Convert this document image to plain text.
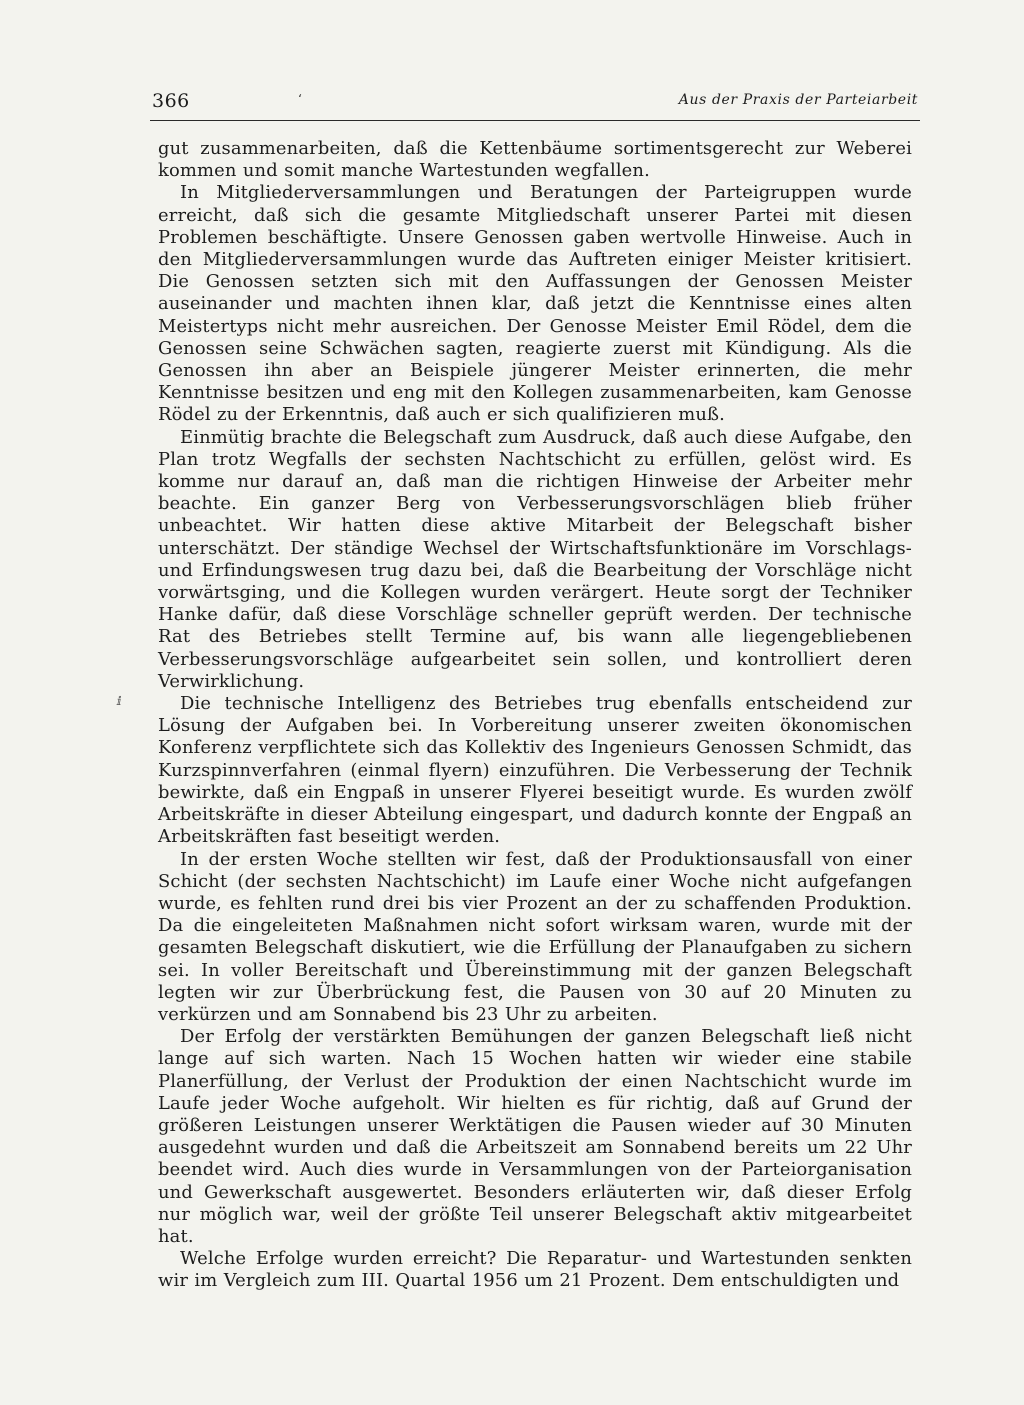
366	‘	Aus der Praxis der Parteiarbeit
ⅈ

gut zusammenarbeiten, daß die Kettenbäume sortimentsgerecht zur Weberei kommen und somit manche Wartestunden wegfallen.

In Mitgliederversammlungen und Beratungen der Parteigruppen wurde erreicht, daß sich die gesamte Mitgliedschaft unserer Partei mit diesen Problemen beschäftigte. Unsere Genossen gaben wertvolle Hinweise. Auch in den Mitgliederversammlungen wurde das Auftreten einiger Meister kritisiert. Die Genossen setzten sich mit den Auffassungen der Genossen Meister auseinander und machten ihnen klar, daß jetzt die Kenntnisse eines alten Meistertyps nicht mehr ausreichen. Der Genosse Meister Emil Rödel, dem die Genossen seine Schwächen sagten, reagierte zuerst mit Kündigung. Als die Genossen ihn aber an Beispiele jüngerer Meister erinnerten, die mehr Kenntnisse besitzen und eng mit den Kollegen zusammenarbeiten, kam Genosse Rödel zu der Erkenntnis, daß auch er sich qualifizieren muß.

Einmütig brachte die Belegschaft zum Ausdruck, daß auch diese Aufgabe, den Plan trotz Wegfalls der sechsten Nachtschicht zu erfüllen, gelöst wird. Es komme nur darauf an, daß man die richtigen Hinweise der Arbeiter mehr beachte. Ein ganzer Berg von Verbesserungsvorschlägen blieb früher unbeachtet. Wir hatten diese aktive Mitarbeit der Belegschaft bisher unterschätzt. Der ständige Wechsel der Wirtschaftsfunktionäre im Vorschlags- und Erfindungswesen trug dazu bei, daß die Bearbeitung der Vorschläge nicht vorwärtsging, und die Kollegen wurden verärgert. Heute sorgt der Techniker Hanke dafür, daß diese Vorschläge schneller geprüft werden. Der technische Rat des Betriebes stellt Termine auf, bis wann alle liegengebliebenen Verbesserungsvorschläge aufgearbeitet sein sollen, und kontrolliert deren Verwirklichung.

Die technische Intelligenz des Betriebes trug ebenfalls entscheidend zur Lösung der Aufgaben bei. In Vorbereitung unserer zweiten ökonomischen Konferenz verpflichtete sich das Kollektiv des Ingenieurs Genossen Schmidt, das Kurzspinnverfahren (einmal flyern) einzuführen. Die Verbesserung der Technik bewirkte, daß ein Engpaß in unserer Flyerei beseitigt wurde. Es wurden zwölf Arbeitskräfte in dieser Abteilung eingespart, und dadurch konnte der Engpaß an Arbeitskräften fast beseitigt werden.

In der ersten Woche stellten wir fest, daß der Produktionsausfall von einer Schicht (der sechsten Nachtschicht) im Laufe einer Woche nicht aufgefangen wurde, es fehlten rund drei bis vier Prozent an der zu schaffenden Produktion. Da die eingeleiteten Maßnahmen nicht sofort wirksam waren, wurde mit der gesamten Belegschaft diskutiert, wie die Erfüllung der Planaufgaben zu sichern sei. In voller Bereitschaft und Übereinstimmung mit der ganzen Belegschaft legten wir zur Überbrückung fest, die Pausen von 30 auf 20 Minuten zu verkürzen und am Sonnabend bis 23 Uhr zu arbeiten.

Der Erfolg der verstärkten Bemühungen der ganzen Belegschaft ließ nicht lange auf sich warten. Nach 15 Wochen hatten wir wieder eine stabile Planerfüllung, der Verlust der Produktion der einen Nachtschicht wurde im Laufe jeder Woche aufgeholt. Wir hielten es für richtig, daß auf Grund der größeren Leistungen unserer Werktätigen die Pausen wieder auf 30 Minuten ausgedehnt wurden und daß die Arbeitszeit am Sonnabend bereits um 22 Uhr beendet wird. Auch dies wurde in Versammlungen von der Parteiorganisation und Gewerkschaft ausgewertet. Besonders erläuterten wir, daß dieser Erfolg nur möglich war, weil der größte Teil unserer Belegschaft aktiv mitgearbeitet hat.

Welche Erfolge wurden erreicht? Die Reparatur- und Wartestunden senkten wir im Vergleich zum III. Quartal 1956 um 21 Prozent. Dem entschuldigten und
